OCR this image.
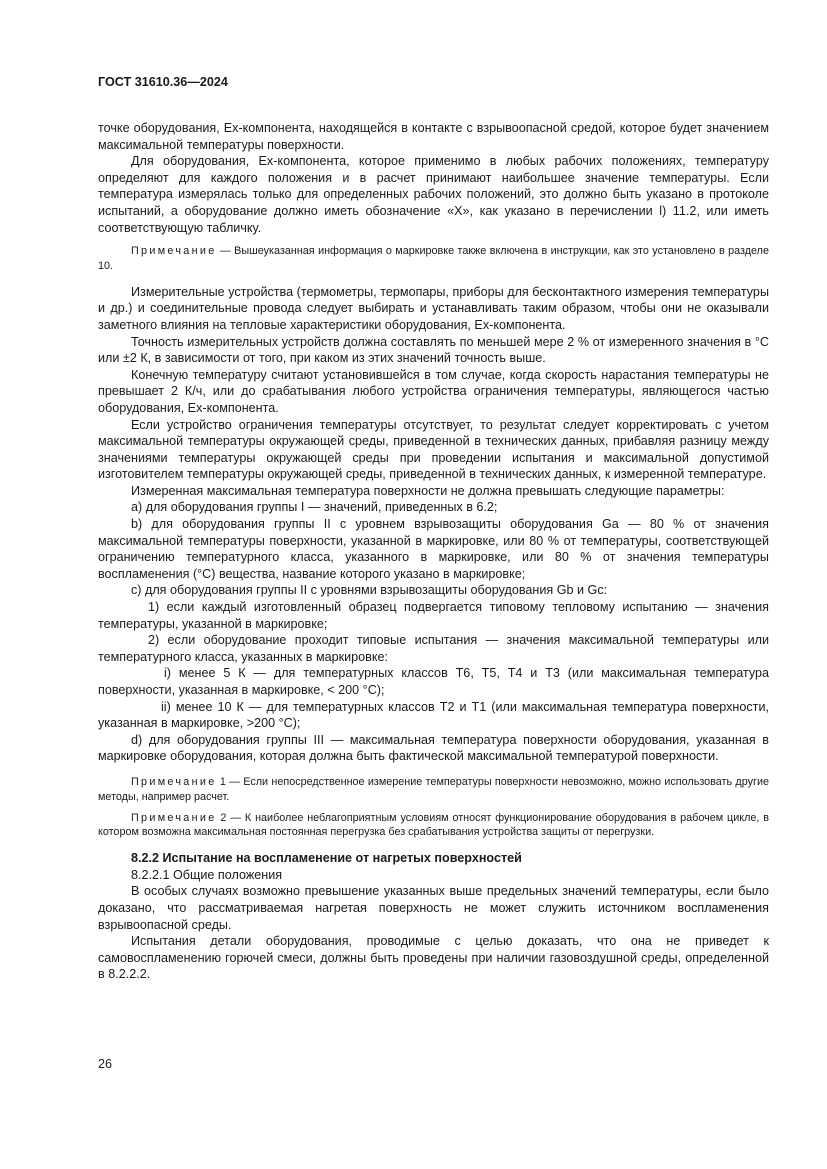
ГОСТ 31610.36—2024

точке оборудования, Ex-компонента, находящейся в контакте с взрывоопасной средой, которое будет значением максимальной температуры поверхности.

Для оборудования, Ex-компонента, которое применимо в любых рабочих положениях, температуру определяют для каждого положения и в расчет принимают наибольшее значение температуры. Если температура измерялась только для определенных рабочих положений, это должно быть указано в протоколе испытаний, а оборудование должно иметь обозначение «Х», как указано в перечислении l) 11.2, или иметь соответствующую табличку.

Примечание — Вышеуказанная информация о маркировке также включена в инструкции, как это установлено в разделе 10.

Измерительные устройства (термометры, термопары, приборы для бесконтактного измерения температуры и др.) и соединительные провода следует выбирать и устанавливать таким образом, чтобы они не оказывали заметного влияния на тепловые характеристики оборудования, Ex-компонента.

Точность измерительных устройств должна составлять по меньшей мере 2 % от измеренного значения в °C или ±2 К, в зависимости от того, при каком из этих значений точность выше.

Конечную температуру считают установившейся в том случае, когда скорость нарастания температуры не превышает 2 К/ч, или до срабатывания любого устройства ограничения температуры, являющегося частью оборудования, Ex-компонента.

Если устройство ограничения температуры отсутствует, то результат следует корректировать с учетом максимальной температуры окружающей среды, приведенной в технических данных, прибавляя разницу между значениями температуры окружающей среды при проведении испытания и максимальной допустимой изготовителем температуры окружающей среды, приведенной в технических данных, к измеренной температуре.

Измеренная максимальная температура поверхности не должна превышать следующие параметры:

a) для оборудования группы I — значений, приведенных в 6.2;

b) для оборудования группы II с уровнем взрывозащиты оборудования Ga — 80 % от значения максимальной температуры поверхности, указанной в маркировке, или 80 % от температуры, соответствующей ограничению температурного класса, указанного в маркировке, или 80 % от значения температуры воспламенения (°C) вещества, название которого указано в маркировке;

c) для оборудования группы II с уровнями взрывозащиты оборудования Gb и Gc:

1) если каждый изготовленный образец подвергается типовому тепловому испытанию — значения температуры, указанной в маркировке;

2) если оборудование проходит типовые испытания — значения максимальной температуры или температурного класса, указанных в маркировке:

i) менее 5 К — для температурных классов Т6, Т5, Т4 и Т3 (или максимальная температура поверхности, указанная в маркировке, < 200 °C);

ii) менее 10 К — для температурных классов Т2 и Т1 (или максимальная температура поверхности, указанная в маркировке, >200 °C);

d) для оборудования группы III — максимальная температура поверхности оборудования, указанная в маркировке оборудования, которая должна быть фактической максимальной температурой поверхности.

Примечание 1 — Если непосредственное измерение температуры поверхности невозможно, можно использовать другие методы, например расчет.

Примечание 2 — К наиболее неблагоприятным условиям относят функционирование оборудования в рабочем цикле, в котором возможна максимальная постоянная перегрузка без срабатывания устройства защиты от перегрузки.

8.2.2 Испытание на воспламенение от нагретых поверхностей

8.2.2.1 Общие положения

В особых случаях возможно превышение указанных выше предельных значений температуры, если было доказано, что рассматриваемая нагретая поверхность не может служить источником воспламенения взрывоопасной среды.

Испытания детали оборудования, проводимые с целью доказать, что она не приведет к самовоспламенению горючей смеси, должны быть проведены при наличии газовоздушной среды, определенной в 8.2.2.2.

26
